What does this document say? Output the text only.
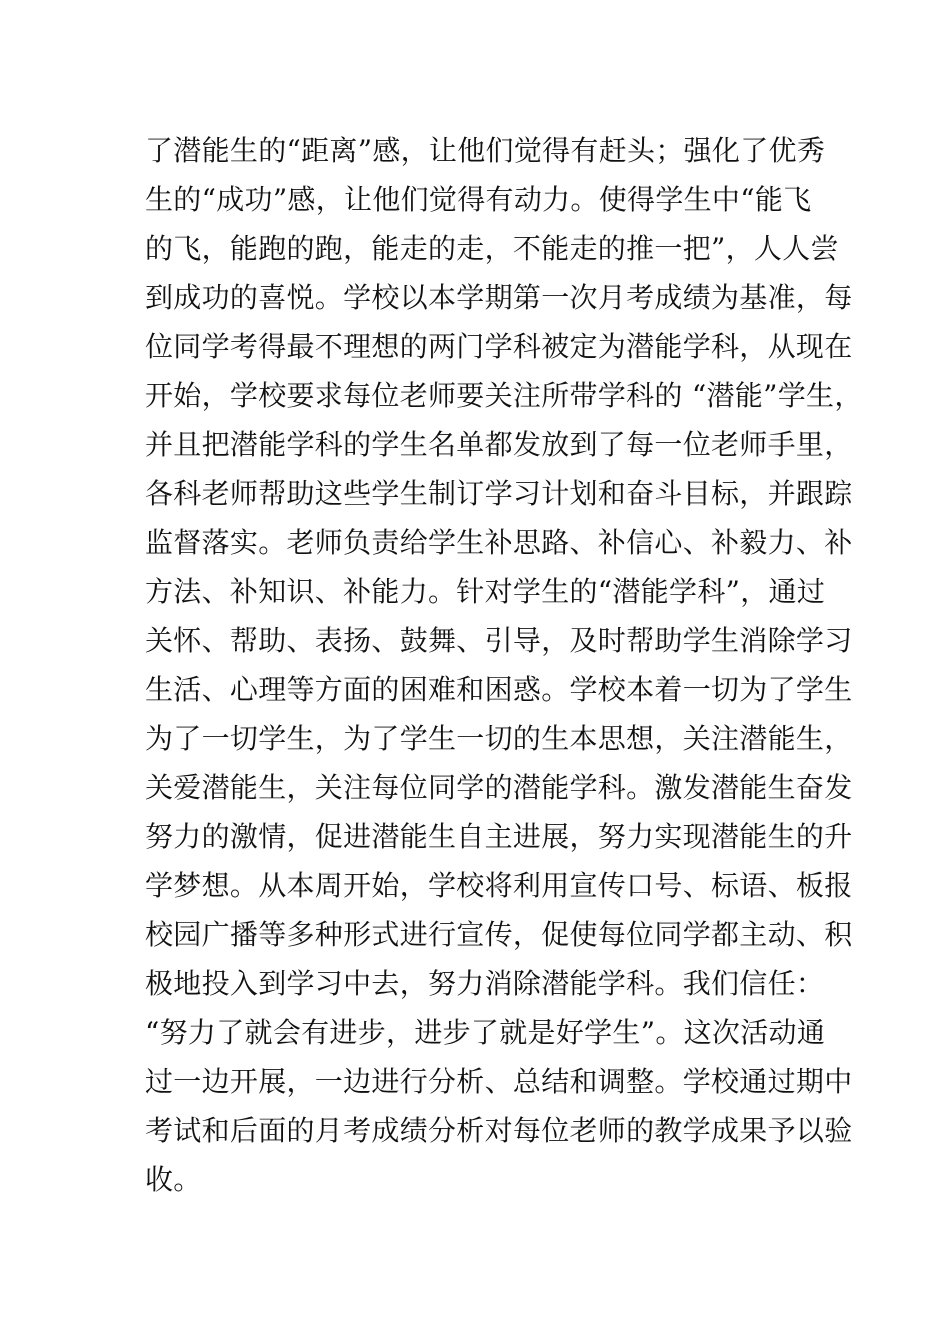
了潜能生的“距离”感，让他们觉得有赶头；强化了优秀
生的“成功”感，让他们觉得有动力。使得学生中“能飞
的飞，能跑的跑，能走的走，不能走的推一把”，人人尝
到成功的喜悦。学校以本学期第一次月考成绩为基准，每
位同学考得最不理想的两门学科被定为潜能学科，从现在
开始，学校要求每位老师要关注所带学科的 “潜能”学生，
并且把潜能学科的学生名单都发放到了每一位老师手里，
各科老师帮助这些学生制订学习计划和奋斗目标，并跟踪
监督落实。老师负责给学生补思路、补信心、补毅力、补
方法、补知识、补能力。针对学生的“潜能学科”，通过
关怀、帮助、表扬、鼓舞、引导，及时帮助学生消除学习
生活、心理等方面的困难和困惑。学校本着一切为了学生
为了一切学生，为了学生一切的生本思想，关注潜能生，
关爱潜能生，关注每位同学的潜能学科。激发潜能生奋发
努力的激情，促进潜能生自主进展，努力实现潜能生的升
学梦想。从本周开始，学校将利用宣传口号、标语、板报
校园广播等多种形式进行宣传，促使每位同学都主动、积
极地投入到学习中去，努力消除潜能学科。我们信任：
“努力了就会有进步，进步了就是好学生”。这次活动通
过一边开展，一边进行分析、总结和调整。学校通过期中
考试和后面的月考成绩分析对每位老师的教学成果予以验
收。
